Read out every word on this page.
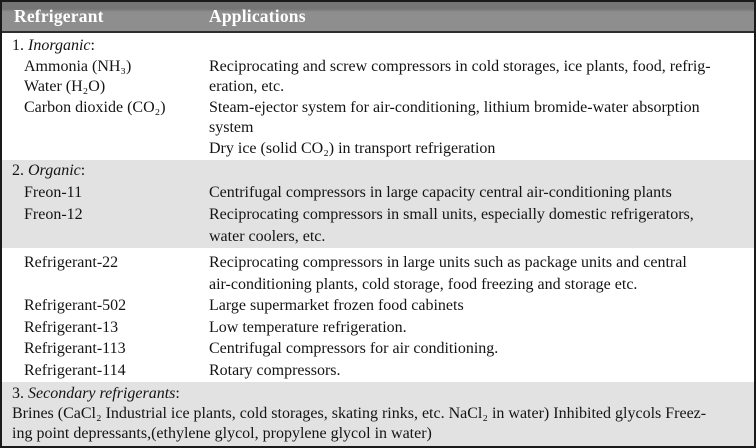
Refrigerant	Applications
1. Inorganic:
Ammonia (NH₃)
Water (H₂O)
Carbon dioxide (CO₂)
Reciprocating and screw compressors in cold storages, ice plants, food, refrig-
eration, etc.
Steam-ejector system for air-conditioning, lithium bromide-water absorption
system
Dry ice (solid CO₂) in transport refrigeration
2. Organic:
Freon-11
Freon-12
Centrifugal compressors in large capacity central air-conditioning plants
Reciprocating compressors in small units, especially domestic refrigerators,
water coolers, etc.
Refrigerant-22
Refrigerant-502
Refrigerant-13
Refrigerant-113
Refrigerant-114
Reciprocating compressors in large units such as package units and central
air-conditioning plants, cold storage, food freezing and storage etc.
Large supermarket frozen food cabinets
Low temperature refrigeration.
Centrifugal compressors for air conditioning.
Rotary compressors.
3. Secondary refrigerants:
Brines (CaCl₂ Industrial ice plants, cold storages, skating rinks, etc. NaCl₂ in water) Inhibited glycols Freez-
ing point depressants,(ethylene glycol, propylene glycol in water)
